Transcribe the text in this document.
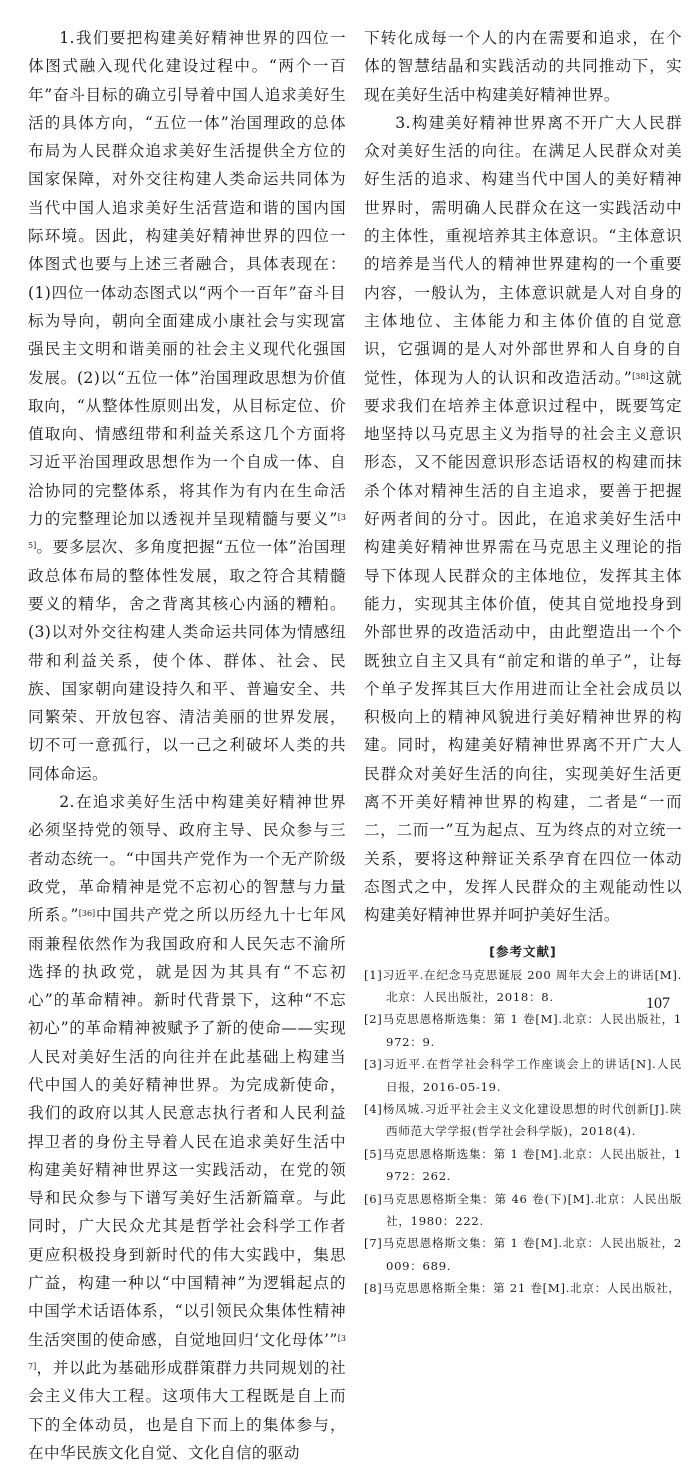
1.我们要把构建美好精神世界的四位一体图式融入现代化建设过程中。“两个一百年”奋斗目标的确立引导着中国人追求美好生活的具体方向，“五位一体”治国理政的总体布局为人民群众追求美好生活提供全方位的国家保障，对外交往构建人类命运共同体为当代中国人追求美好生活营造和谐的国内国际环境。因此，构建美好精神世界的四位一体图式也要与上述三者融合，具体表现在：(1)四位一体动态图式以“两个一百年”奋斗目标为导向，朝向全面建成小康社会与实现富强民主文明和谐美丽的社会主义现代化强国发展。(2)以“五位一体”治国理政思想为价值取向，“从整体性原则出发，从目标定位、价值取向、情感纽带和利益关系这几个方面将习近平治国理政思想作为一个自成一体、自洽协同的完整体系，将其作为有内在生命活力的完整理论加以透视并呈现精髓与要义”[35]。要多层次、多角度把握“五位一体”治国理政总体布局的整体性发展，取之符合其精髓要义的精华，舍之背离其核心内涵的糟粕。(3)以对外交往构建人类命运共同体为情感纽带和利益关系，使个体、群体、社会、民族、国家朝向建设持久和平、普遍安全、共同繁荣、开放包容、清洁美丽的世界发展，切不可一意孤行，以一己之利破坏人类的共同体命运。

2.在追求美好生活中构建美好精神世界必须坚持党的领导、政府主导、民众参与三者动态统一。“中国共产党作为一个无产阶级政党，革命精神是党不忘初心的智慧与力量所系。”[36]中国共产党之所以历经九十七年风雨兼程依然作为我国政府和人民矢志不渝所选择的执政党，就是因为其具有“不忘初心”的革命精神。新时代背景下，这种“不忘初心”的革命精神被赋予了新的使命——实现人民对美好生活的向往并在此基础上构建当代中国人的美好精神世界。为完成新使命，我们的政府以其人民意志执行者和人民利益捍卫者的身份主导着人民在追求美好生活中构建美好精神世界这一实践活动，在党的领导和民众参与下谱写美好生活新篇章。与此同时，广大民众尤其是哲学社会科学工作者更应积极投身到新时代的伟大实践中，集思广益，构建一种以“中国精神”为逻辑起点的中国学术话语体系，“以引领民众集体性精神生活突围的使命感，自觉地回归‘文化母体’”[37]，并以此为基础形成群策群力共同规划的社会主义伟大工程。这项伟大工程既是自上而下的全体动员，也是自下而上的集体参与，在中华民族文化自觉、文化自信的驱动

下转化成每一个人的内在需要和追求，在个体的智慧结晶和实践活动的共同推动下，实现在美好生活中构建美好精神世界。

3.构建美好精神世界离不开广大人民群众对美好生活的向往。在满足人民群众对美好生活的追求、构建当代中国人的美好精神世界时，需明确人民群众在这一实践活动中的主体性，重视培养其主体意识。“主体意识的培养是当代人的精神世界建构的一个重要内容，一般认为，主体意识就是人对自身的主体地位、主体能力和主体价值的自觉意识，它强调的是人对外部世界和人自身的自觉性，体现为人的认识和改造活动。”[38]这就要求我们在培养主体意识过程中，既要笃定地坚持以马克思主义为指导的社会主义意识形态，又不能因意识形态话语权的构建而抹杀个体对精神生活的自主追求，要善于把握好两者间的分寸。因此，在追求美好生活中构建美好精神世界需在马克思主义理论的指导下体现人民群众的主体地位，发挥其主体能力，实现其主体价值，使其自觉地投身到外部世界的改造活动中，由此塑造出一个个既独立自主又具有“前定和谐的单子”，让每个单子发挥其巨大作用进而让全社会成员以积极向上的精神风貌进行美好精神世界的构建。同时，构建美好精神世界离不开广大人民群众对美好生活的向往，实现美好生活更离不开美好精神世界的构建，二者是“一而二，二而一”互为起点、互为终点的对立统一关系，要将这种辩证关系孕育在四位一体动态图式之中，发挥人民群众的主观能动性以构建美好精神世界并呵护美好生活。

[参考文献]

[1]习近平.在纪念马克思诞辰 200 周年大会上的讲话[M].北京：人民出版社，2018：8.

[2]马克思恩格斯选集：第 1 卷[M].北京：人民出版社，1972：9.

[3]习近平.在哲学社会科学工作座谈会上的讲话[N].人民日报，2016-05-19.

[4]杨凤城.习近平社会主义文化建设思想的时代创新[J].陕西师范大学学报(哲学社会科学版)，2018(4).

[5]马克思恩格斯选集：第 1 卷[M].北京：人民出版社，1972：262.

[6]马克思恩格斯全集：第 46 卷(下)[M].北京：人民出版社，1980：222.

[7]马克思恩格斯文集：第 1 卷[M].北京：人民出版社，2009：689.

[8]马克思恩格斯全集：第 21 卷[M].北京：人民出版社，

107
